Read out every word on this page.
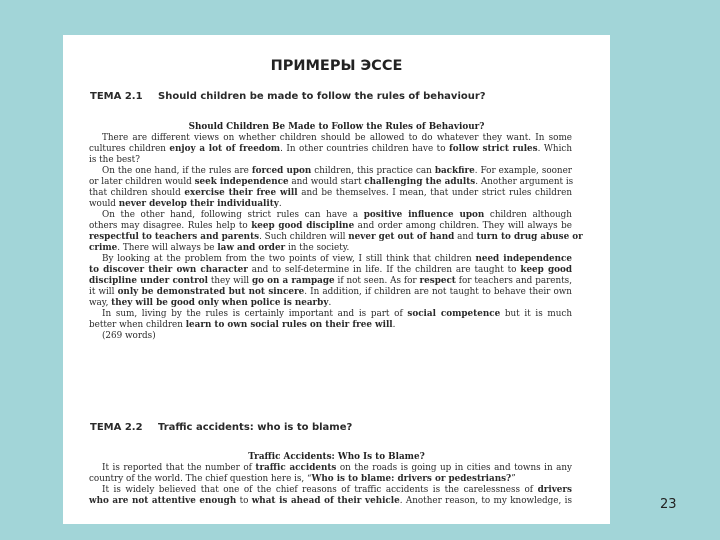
ПРИМЕРЫ ЭССЕ
ТЕМА 2.1 Should children be made to follow the rules of behaviour?
Should Children Be Made to Follow the Rules of Behaviour?
There are different views on whether children should be allowed to do whatever they want. In some
cultures children enjoy a lot of freedom. In other countries children have to follow strict rules. Which
is the best?
On the one hand, if the rules are forced upon children, this practice can backfire. For example, sooner
or later children would seek independence and would start challenging the adults. Another argument is
that children should exercise their free will and be themselves. I mean, that under strict rules children
would never develop their individuality.
On the other hand, following strict rules can have a positive influence upon children although
others may disagree. Rules help to keep good discipline and order among children. They will always be
respectful to teachers and parents. Such children will never get out of hand and turn to drug abuse or
crime. There will always be law and order in the society.
By looking at the problem from the two points of view, I still think that children need independence
to discover their own character and to self-determine in life. If the children are taught to keep good
discipline under control they will go on a rampage if not seen. As for respect for teachers and parents,
it will only be demonstrated but not sincere. In addition, if children are not taught to behave their own
way, they will be good only when police is nearby.
In sum, living by the rules is certainly important and is part of social competence but it is much
better when children learn to own social rules on their free will.
(269 words)
ТЕМА 2.2 Traffic accidents: who is to blame?
Traffic Accidents: Who Is to Blame?
It is reported that the number of traffic accidents on the roads is going up in cities and towns in any
country of the world. The chief question here is, “Who is to blame: drivers or pedestrians?”
It is widely believed that one of the chief reasons of traffic accidents is the carelessness of drivers
who are not attentive enough to what is ahead of their vehicle. Another reason, to my knowledge, is	23
